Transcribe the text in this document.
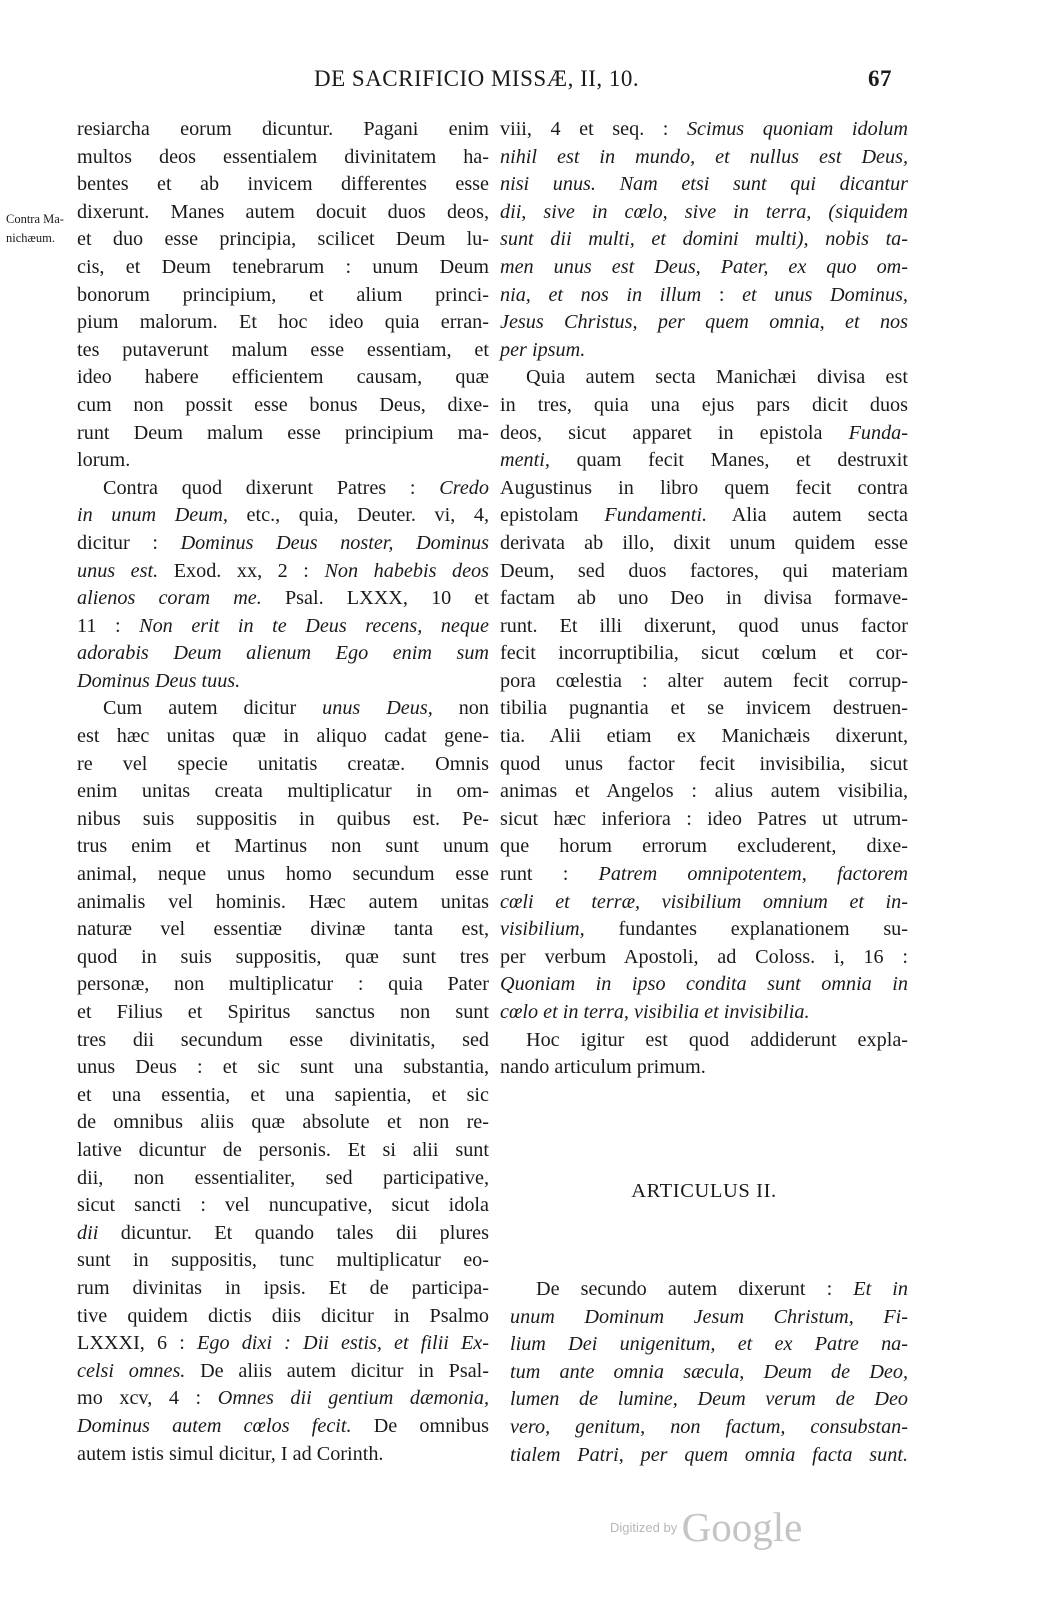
DE SACRIFICIO MISSÆ, II, 10.	67
Contra Ma-
nichæum.
resiarcha eorum dicuntur. Pagani enim
multos deos essentialem divinitatem ha-
bentes et ab invicem differentes esse
dixerunt. Manes autem docuit duos deos,
et duo esse principia, scilicet Deum lu-
cis, et Deum tenebrarum : unum Deum
bonorum principium, et alium princi-
pium malorum. Et hoc ideo quia erran-
tes putaverunt malum esse essentiam, et
ideo habere efficientem causam, quæ
cum non possit esse bonus Deus, dixe-
runt Deum malum esse principium ma-
lorum.
Contra quod dixerunt Patres : Credo
in unum Deum, etc., quia, Deuter. vi, 4,
dicitur : Dominus Deus noster, Dominus
unus est. Exod. xx, 2 : Non habebis deos
alienos coram me. Psal. LXXX, 10 et
11 : Non erit in te Deus recens, neque
adorabis Deum alienum Ego enim sum
Dominus Deus tuus.
Cum autem dicitur unus Deus, non
est hæc unitas quæ in aliquo cadat gene-
re vel specie unitatis creatæ. Omnis
enim unitas creata multiplicatur in om-
nibus suis suppositis in quibus est. Pe-
trus enim et Martinus non sunt unum
animal, neque unus homo secundum esse
animalis vel hominis. Hæc autem unitas
naturæ vel essentiæ divinæ tanta est,
quod in suis suppositis, quæ sunt tres
personæ, non multiplicatur : quia Pater
et Filius et Spiritus sanctus non sunt
tres dii secundum esse divinitatis, sed
unus Deus : et sic sunt una substantia,
et una essentia, et una sapientia, et sic
de omnibus aliis quæ absolute et non re-
lative dicuntur de personis. Et si alii sunt
dii, non essentialiter, sed participative,
sicut sancti : vel nuncupative, sicut idola
dii dicuntur. Et quando tales dii plures
sunt in suppositis, tunc multiplicatur eo-
rum divinitas in ipsis. Et de participa-
tive quidem dictis diis dicitur in Psalmo
LXXXI, 6 : Ego dixi : Dii estis, et filii Ex-
celsi omnes. De aliis autem dicitur in Psal-
mo xcv, 4 : Omnes dii gentium dæmonia,
Dominus autem cœlos fecit. De omnibus
autem istis simul dicitur, I ad Corinth.
viii, 4 et seq. : Scimus quoniam idolum
nihil est in mundo, et nullus est Deus,
nisi unus. Nam etsi sunt qui dicantur
dii, sive in cœlo, sive in terra, (siquidem
sunt dii multi, et domini multi), nobis ta-
men unus est Deus, Pater, ex quo om-
nia, et nos in illum : et unus Dominus,
Jesus Christus, per quem omnia, et nos
per ipsum.
Quia autem secta Manichæi divisa est
in tres, quia una ejus pars dicit duos
deos, sicut apparet in epistola Funda-
menti, quam fecit Manes, et destruxit
Augustinus in libro quem fecit contra
epistolam Fundamenti. Alia autem secta
derivata ab illo, dixit unum quidem esse
Deum, sed duos factores, qui materiam
factam ab uno Deo in divisa formave-
runt. Et illi dixerunt, quod unus factor
fecit incorruptibilia, sicut cœlum et cor-
pora cœlestia : alter autem fecit corrup-
tibilia pugnantia et se invicem destruen-
tia. Alii etiam ex Manichæis dixerunt,
quod unus factor fecit invisibilia, sicut
animas et Angelos : alius autem visibilia,
sicut hæc inferiora : ideo Patres ut utrum-
que horum errorum excluderent, dixe-
runt : Patrem omnipotentem, factorem
cœli et terræ, visibilium omnium et in-
visibilium, fundantes explanationem su-
per verbum Apostoli, ad Coloss. i, 16 :
Quoniam in ipso condita sunt omnia in
cœlo et in terra, visibilia et invisibilia.
Hoc igitur est quod addiderunt expla-
nando articulum primum.
ARTICULUS II.
De secundo autem dixerunt : Et in
unum Dominum Jesum Christum, Fi-
lium Dei unigenitum, et ex Patre na-
tum ante omnia sæcula, Deum de Deo,
lumen de lumine, Deum verum de Deo
vero, genitum, non factum, consubstan-
tialem Patri, per quem omnia facta sunt.
$^{Digitized by}$ Google
